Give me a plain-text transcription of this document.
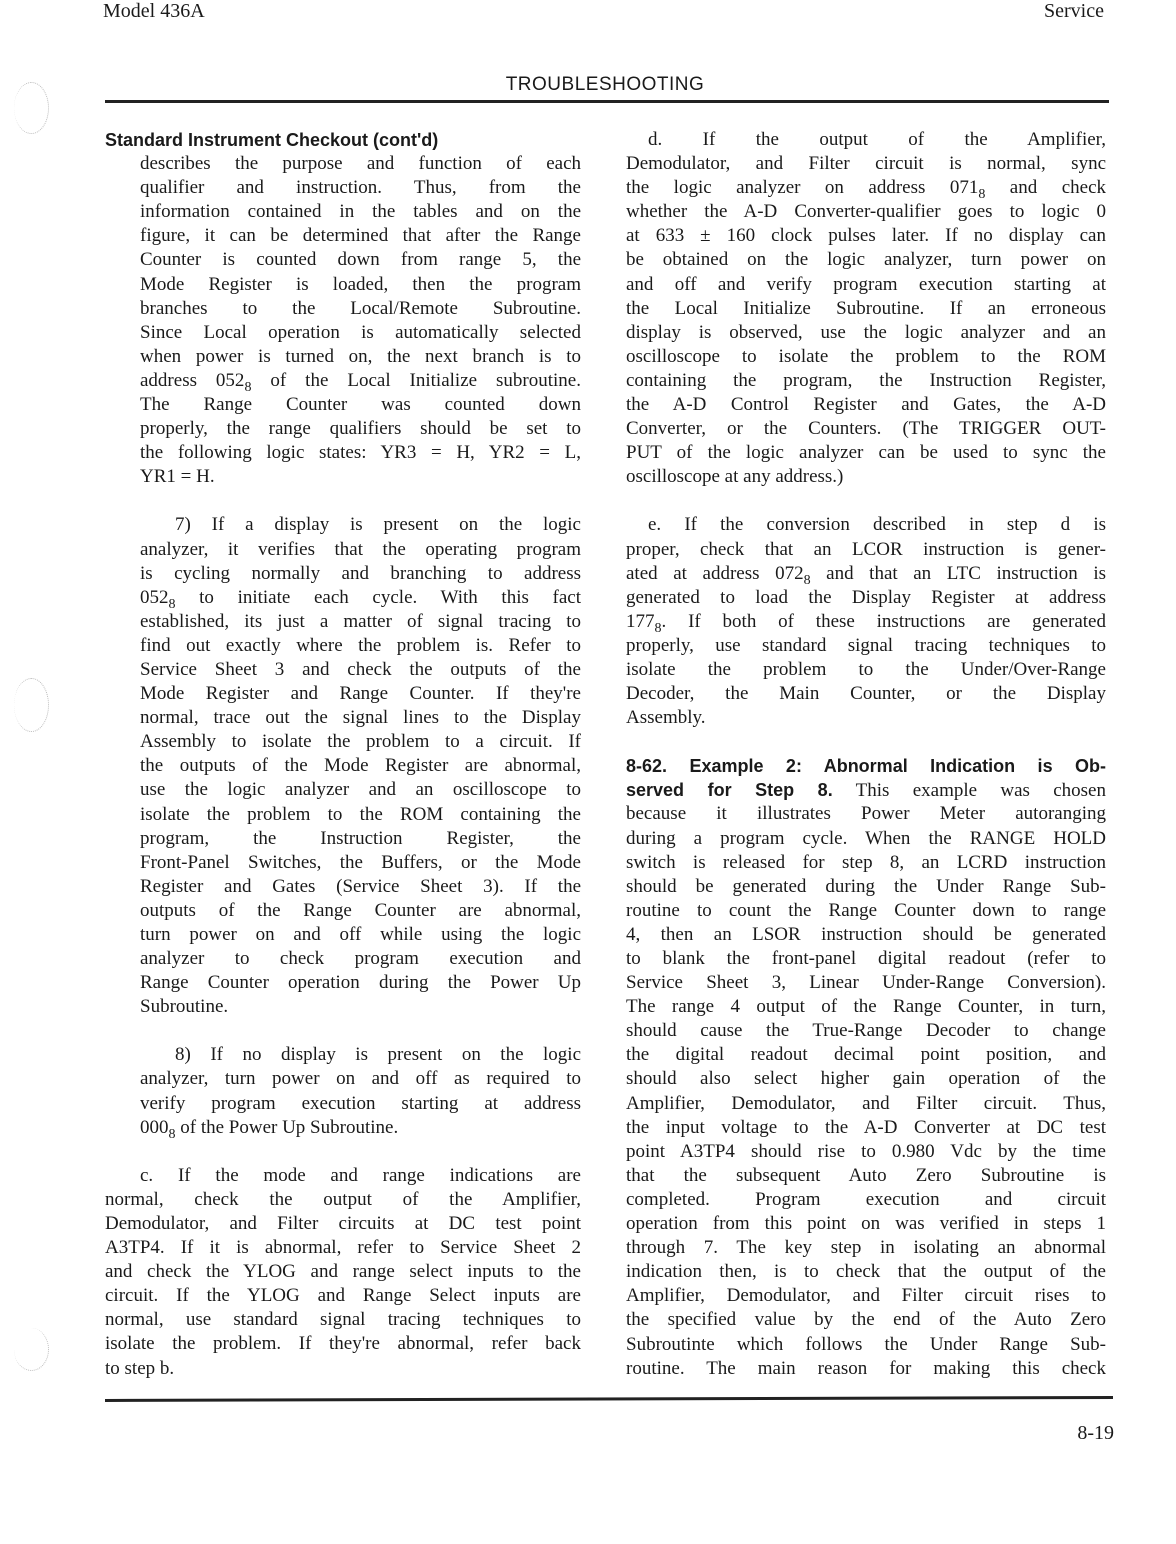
Model 436A	Service
TROUBLESHOOTING
Standard Instrument Checkout (cont'd)
describes the purpose and function of each
qualifier and instruction. Thus, from the
information contained in the tables and on the
figure, it can be determined that after the Range
Counter is counted down from range 5, the
Mode Register is loaded, then the program
branches to the Local/Remote Subroutine.
Since Local operation is automatically selected
when power is turned on, the next branch is to
address $052_8$ of the Local Initialize subroutine.
The Range Counter was counted down
properly, the range qualifiers should be set to
the following logic states: YR3 = H, YR2 = L,
YR1 = H.
7) If a display is present on the logic
analyzer, it verifies that the operating program
is cycling normally and branching to address
$052_8$ to initiate each cycle. With this fact
established, its just a matter of signal tracing to
find out exactly where the problem is. Refer to
Service Sheet 3 and check the outputs of the
Mode Register and Range Counter. If they're
normal, trace out the signal lines to the Display
Assembly to isolate the problem to a circuit. If
the outputs of the Mode Register are abnormal,
use the logic analyzer and an oscilloscope to
isolate the problem to the ROM containing the
program, the Instruction Register, the
Front-Panel Switches, the Buffers, or the Mode
Register and Gates (Service Sheet 3). If the
outputs of the Range Counter are abnormal,
turn power on and off while using the logic
analyzer to check program execution and
Range Counter operation during the Power Up
Subroutine.
8) If no display is present on the logic
analyzer, turn power on and off as required to
verify program execution starting at address
$000_8$ of the Power Up Subroutine.
c. If the mode and range indications are
normal, check the output of the Amplifier,
Demodulator, and Filter circuits at DC test point
A3TP4. If it is abnormal, refer to Service Sheet 2
and check the YLOG and range select inputs to the
circuit. If the YLOG and Range Select inputs are
normal, use standard signal tracing techniques to
isolate the problem. If they're abnormal, refer back
to step b.
d. If the output of the Amplifier,
Demodulator, and Filter circuit is normal, sync
the logic analyzer on address $071_8$ and check
whether the A-D Converter-qualifier goes to logic 0
at 633 ± 160 clock pulses later. If no display can
be obtained on the logic analyzer, turn power on
and off and verify program execution starting at
the Local Initialize Subroutine. If an erroneous
display is observed, use the logic analyzer and an
oscilloscope to isolate the problem to the ROM
containing the program, the Instruction Register,
the A-D Control Register and Gates, the A-D
Converter, or the Counters. (The TRIGGER OUT-
PUT of the logic analyzer can be used to sync the
oscilloscope at any address.)
e. If the conversion described in step d is
proper, check that an LCOR instruction is gener-
ated at address $072_8$ and that an LTC instruction is
generated to load the Display Register at address
$177_8$. If both of these instructions are generated
properly, use standard signal tracing techniques to
isolate the problem to the Under/Over-Range
Decoder, the Main Counter, or the Display
Assembly.
8-62. Example 2: Abnormal Indication is Ob-
served for Step 8. This example was chosen
because it illustrates Power Meter autoranging
during a program cycle. When the RANGE HOLD
switch is released for step 8, an LCRD instruction
should be generated during the Under Range Sub-
routine to count the Range Counter down to range
4, then an LSOR instruction should be generated
to blank the front-panel digital readout (refer to
Service Sheet 3, Linear Under-Range Conversion).
The range 4 output of the Range Counter, in turn,
should cause the True-Range Decoder to change
the digital readout decimal point position, and
should also select higher gain operation of the
Amplifier, Demodulator, and Filter circuit. Thus,
the input voltage to the A-D Converter at DC test
point A3TP4 should rise to 0.980 Vdc by the time
that the subsequent Auto Zero Subroutine is
completed. Program execution and circuit
operation from this point on was verified in steps 1
through 7. The key step in isolating an abnormal
indication then, is to check that the output of the
Amplifier, Demodulator, and Filter circuit rises to
the specified value by the end of the Auto Zero
Subroutinte which follows the Under Range Sub-
routine. The main reason for making this check
8-19
